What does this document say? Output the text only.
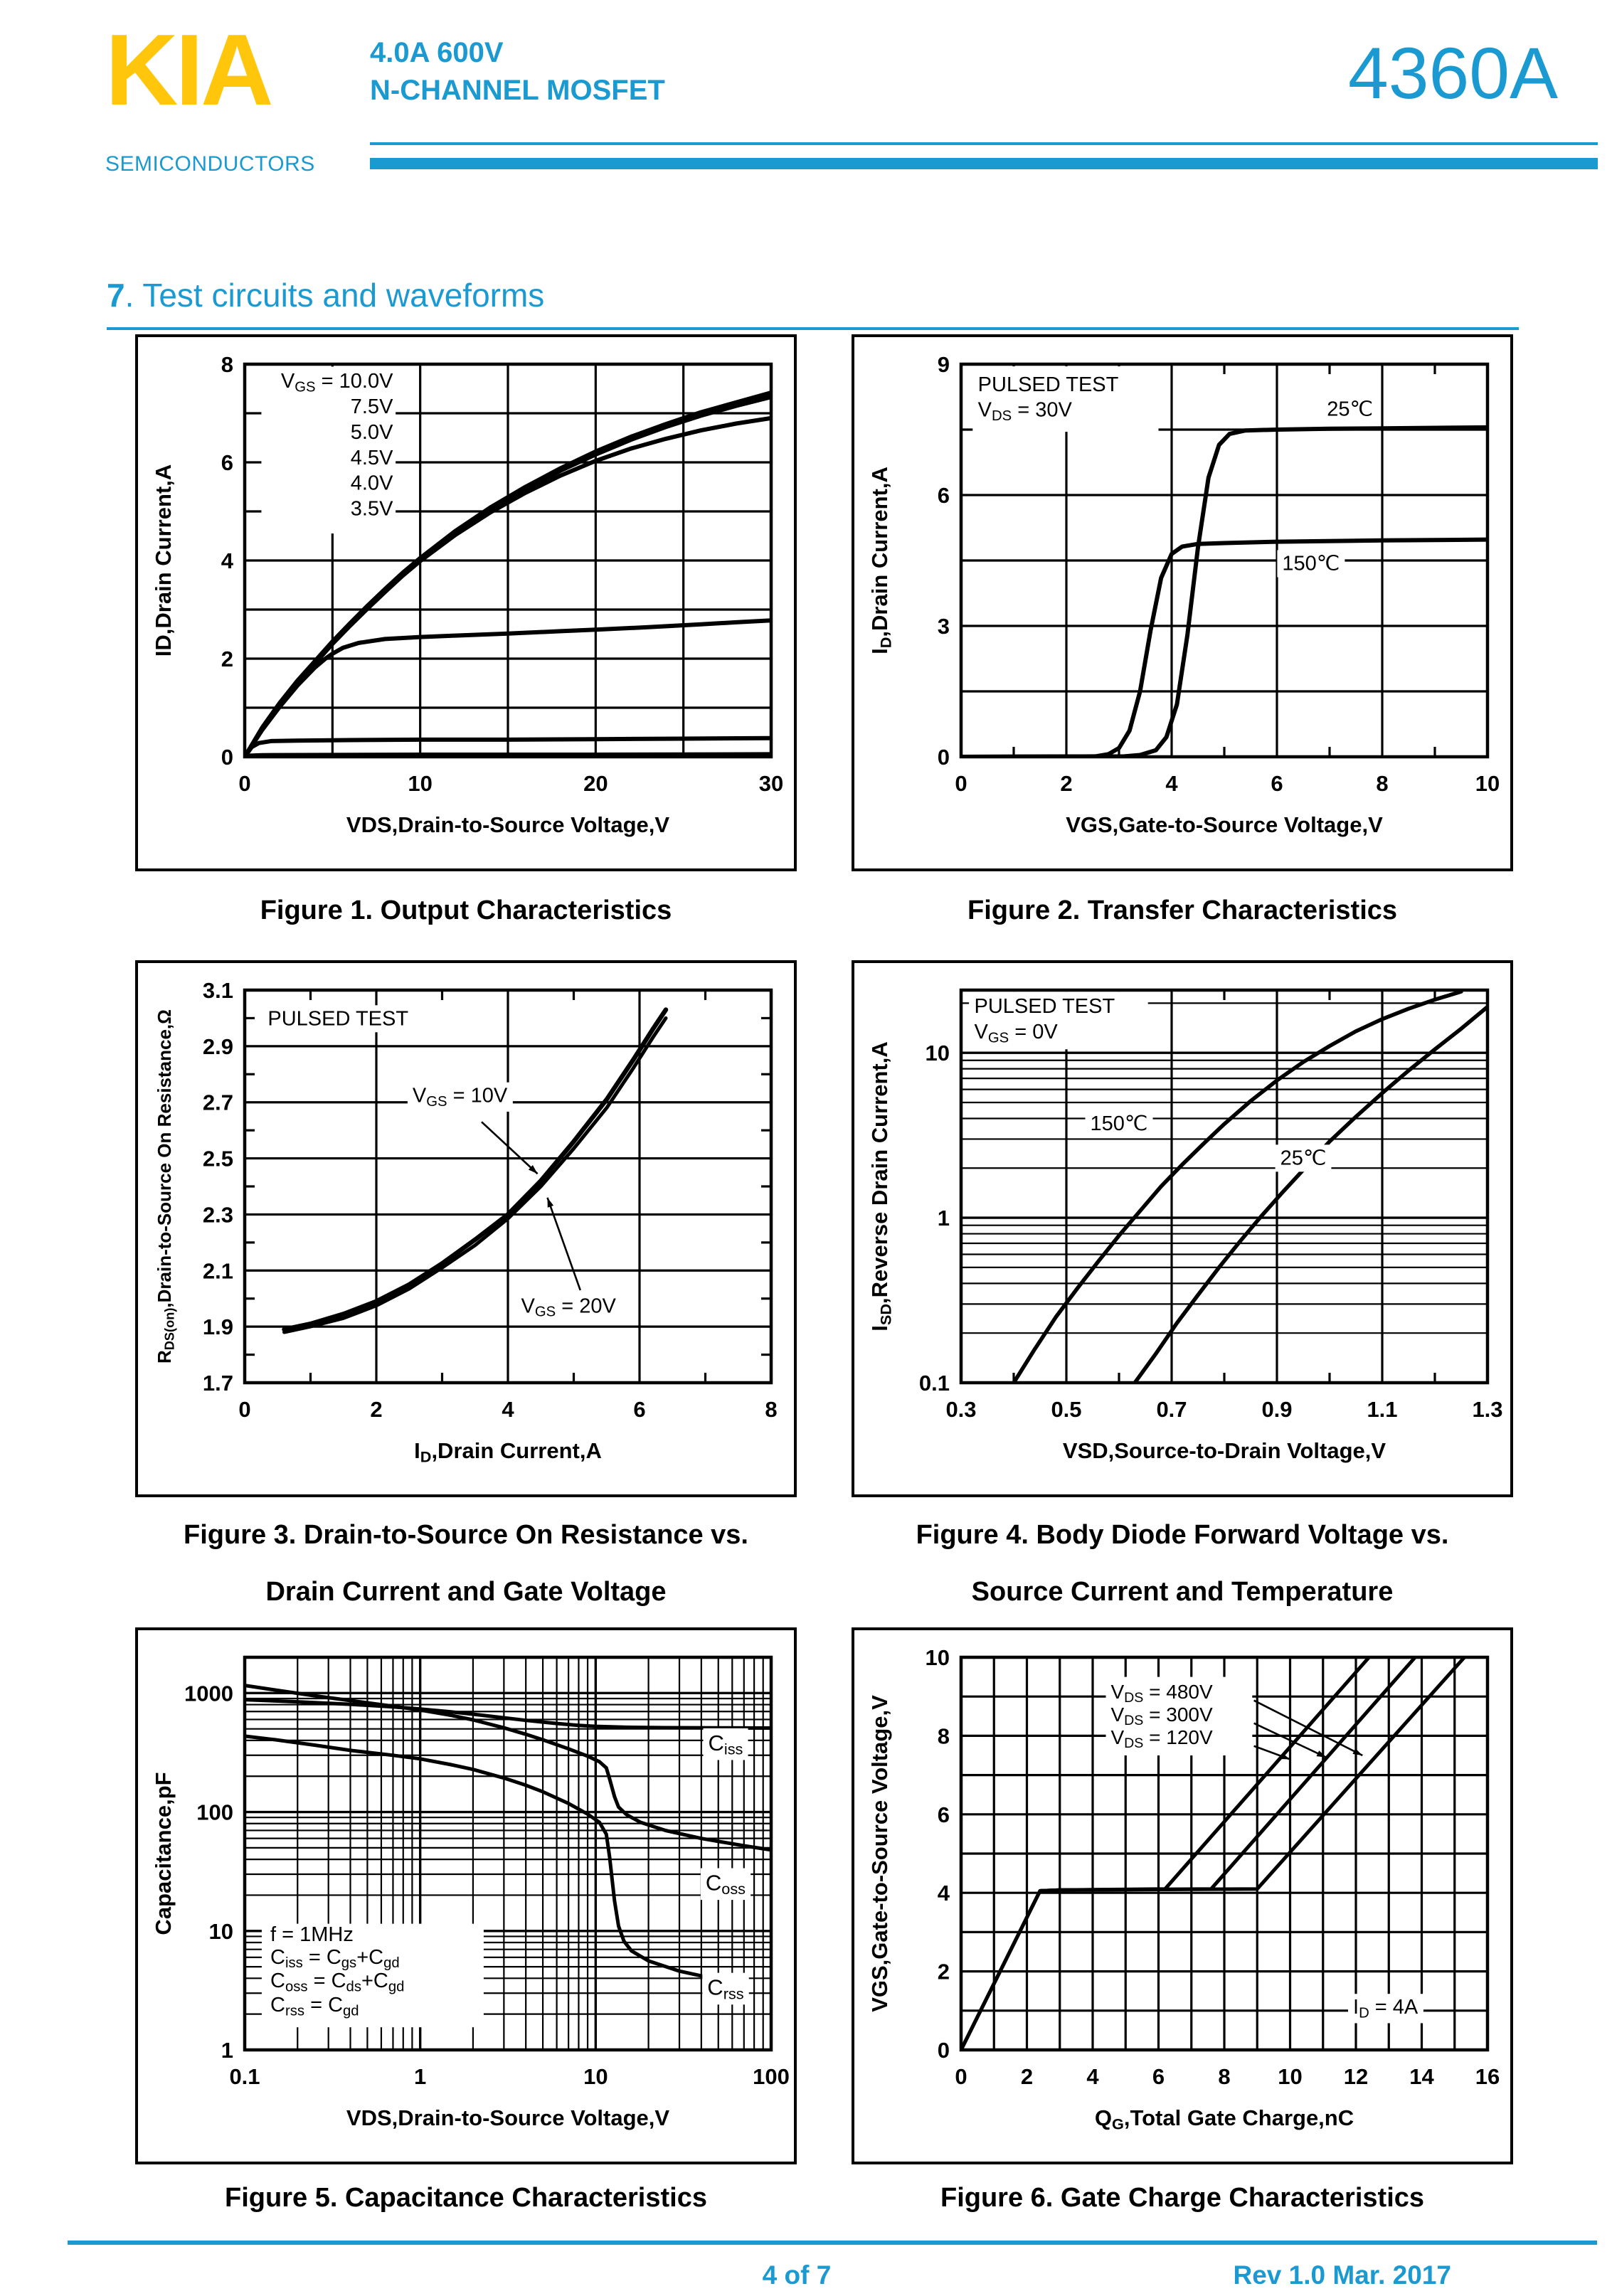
KIA
SEMICONDUCTORS
4.0A 600V
N-CHANNEL MOSFET	4360A
7. Test circuits and waveforms
VGS = 10.0V
7.5V
5.0V
4.5V
4.0V
3.5V
0	10	20	30
0
2
4
6
8
VDS,Drain-to-Source Voltage,V
ID,Drain Current,A
PULSED TEST
VDS = 30V	25℃
150℃
0	2	4	6	8	10
0
3
6
9
VGS,Gate-to-Source Voltage,V
ID,Drain Current,A
PULSED TEST
VGS = 10V
VGS = 20V
0	2	4	6	8
1.7
1.9
2.1
2.3
2.5
2.7
2.9
3.1
ID,Drain Current,A
RDS(on),Drain-to-Source On Resistance,Ω
PULSED TEST
VGS = 0V
150℃
25℃
0.3	0.5	0.7	0.9	1.1	1.3
0.1
1
10
VSD,Source-to-Drain Voltage,V
ISD,Reverse Drain Current,A
f = 1MHz
Ciss = Cgs+Cgd
Coss = Cds+Cgd
Crss = Cgd
Ciss
Coss
Crss
0.1	1	10	100
1
10
100
1000
VDS,Drain-to-Source Voltage,V
Capacitance,pF
VDS = 480V
VDS = 300V
VDS = 120V
ID = 4A
0 2 4 6 8 10 12 14 16
0
2
4
6
8
10
QG,Total Gate Charge,nC
VGS,Gate-to-Source Voltage,V
Figure 1. Output Characteristics	Figure 2. Transfer Characteristics
Figure 3. Drain-to-Source On Resistance vs.
Drain Current and Gate Voltage
Figure 4. Body Diode Forward Voltage vs.
Source Current and Temperature
Figure 5. Capacitance Characteristics	Figure 6. Gate Charge Characteristics
4 of 7	Rev 1.0 Mar. 2017
